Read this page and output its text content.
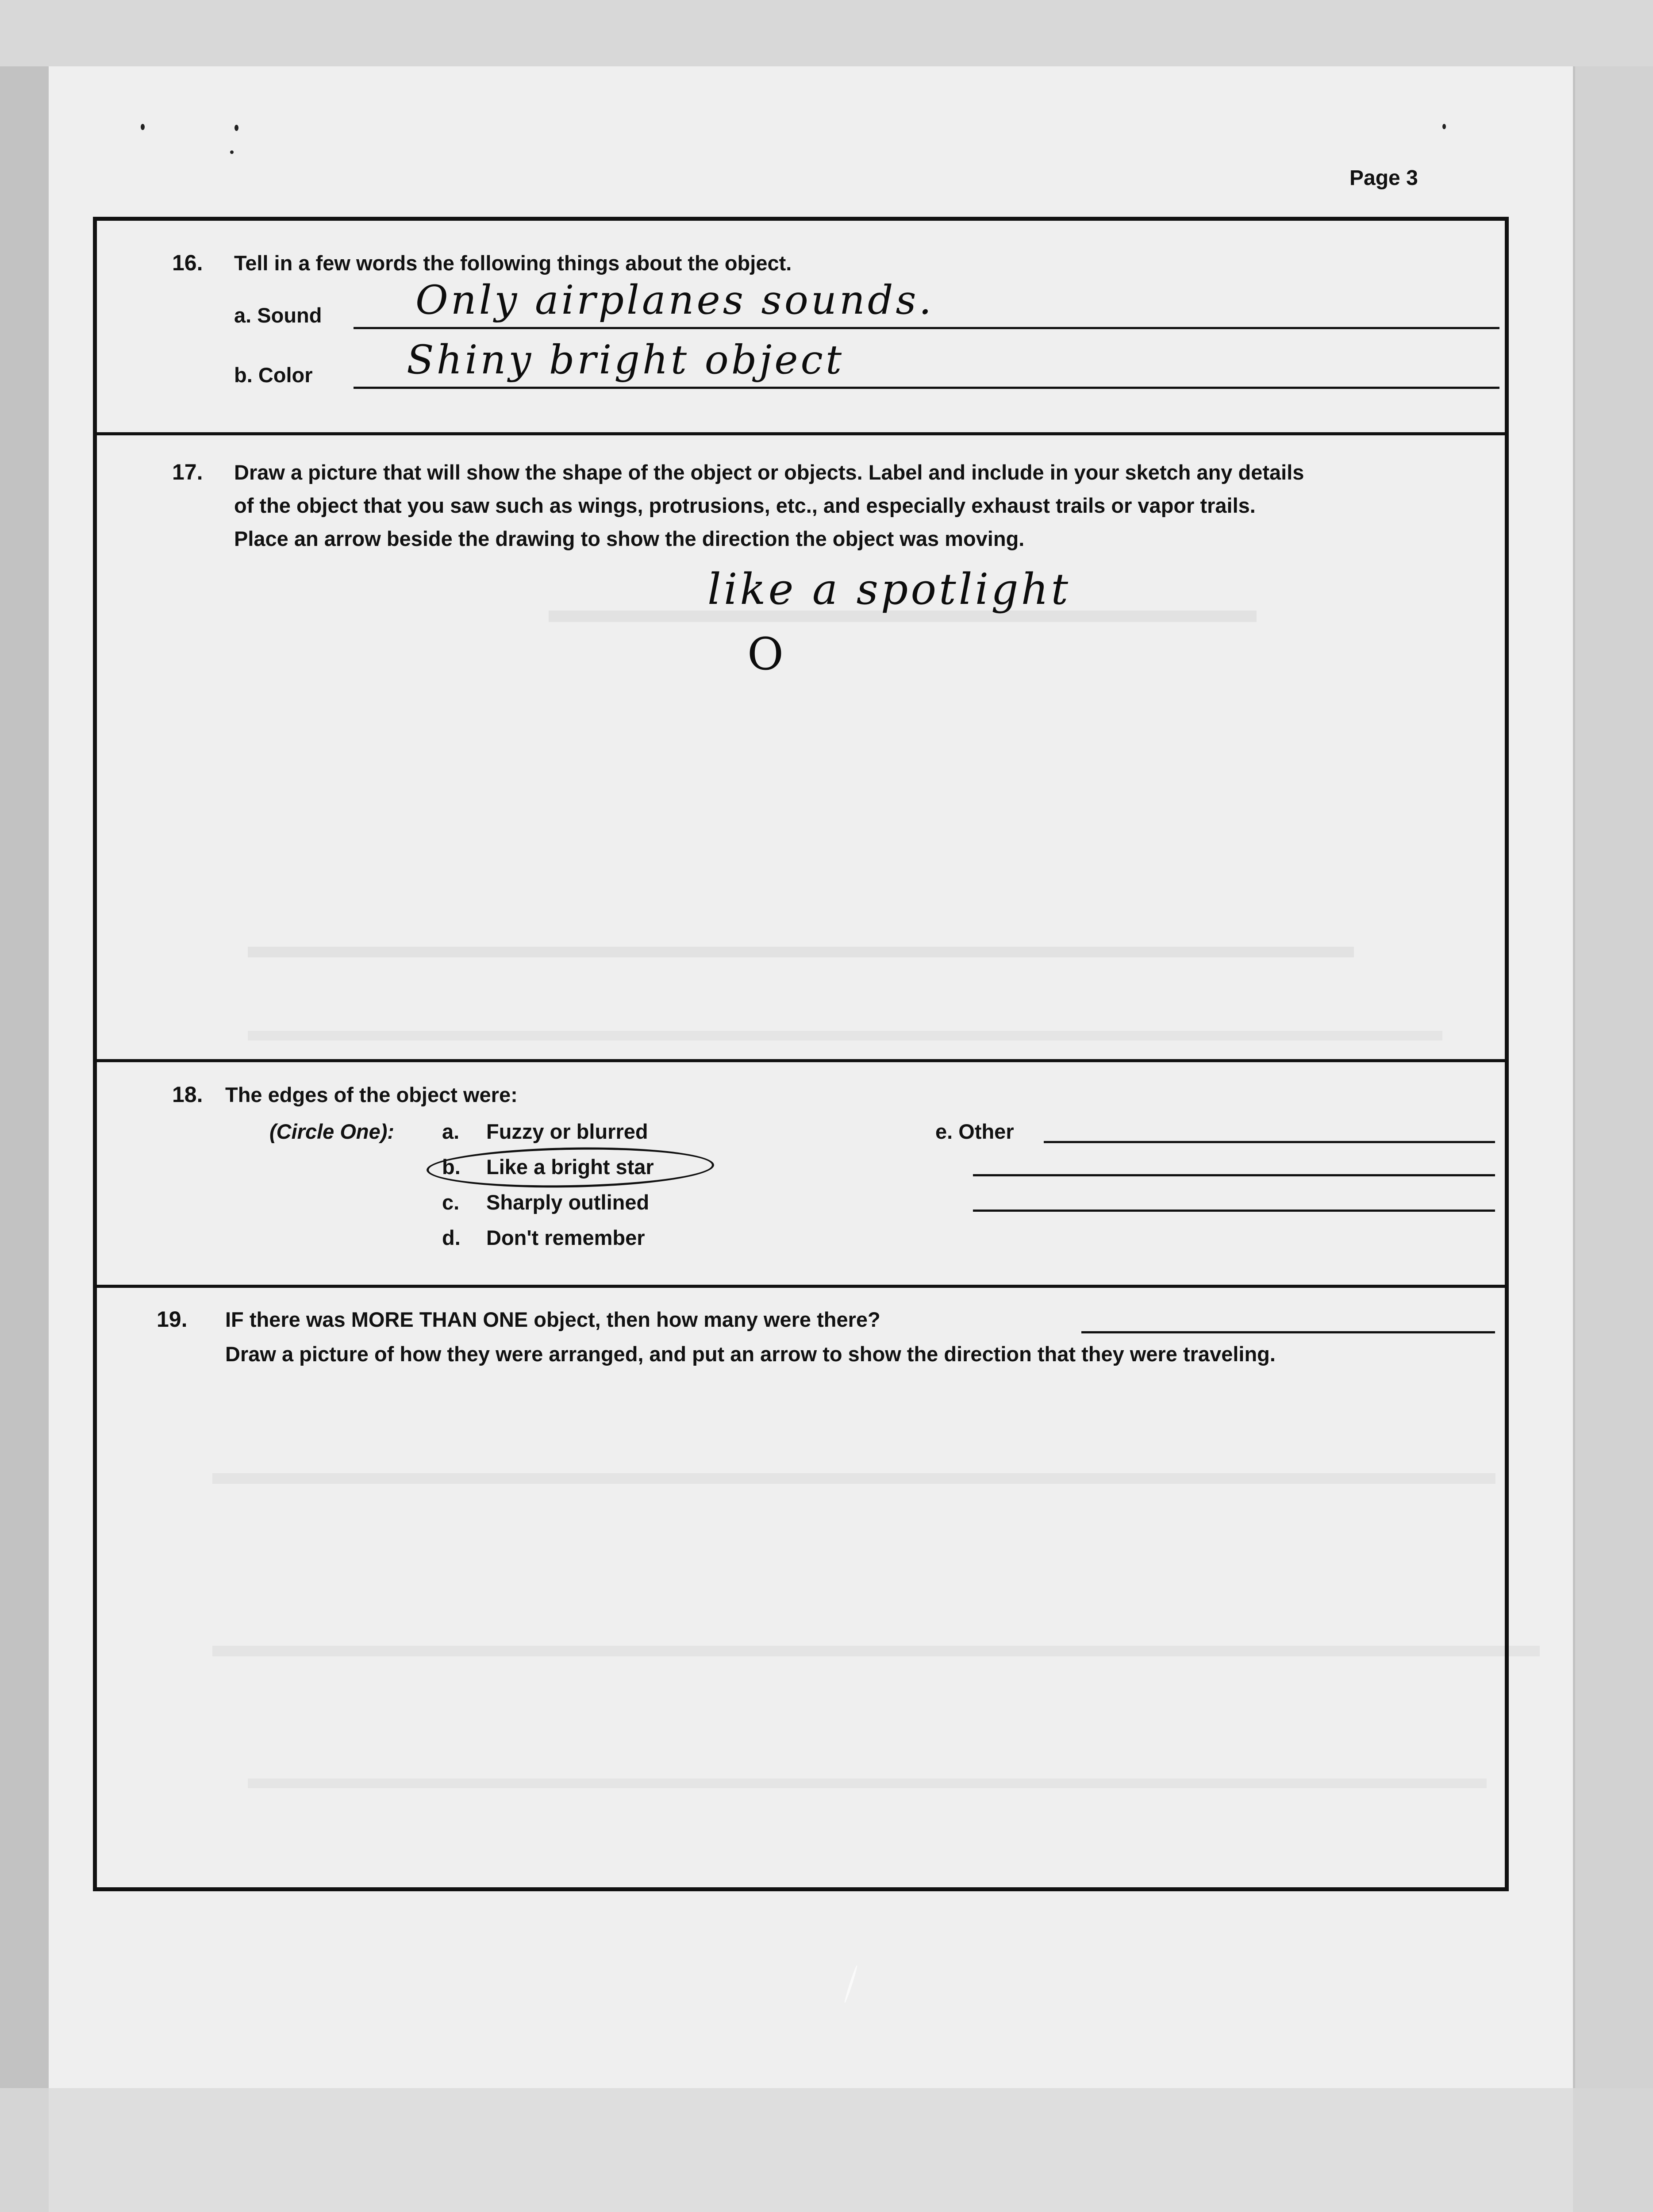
Page 3
16. Tell in a few words the following things about the object.
a. Sound Only airplanes sounds.
b. Color Shiny bright object
17. Draw a picture that will show the shape of the object or objects. Label and include in your sketch any details
of the object that you saw such as wings, protrusions, etc., and especially exhaust trails or vapor trails.
Place an arrow beside the drawing to show the direction the object was moving.
like a spotlight
O
18. The edges of the object were:
(Circle One): a. Fuzzy or blurred
b. Like a bright star
c. Sharply outlined
d. Don't remember
e. Other
19. IF there was MORE THAN ONE object, then how many were there?
Draw a picture of how they were arranged, and put an arrow to show the direction that they were traveling.
